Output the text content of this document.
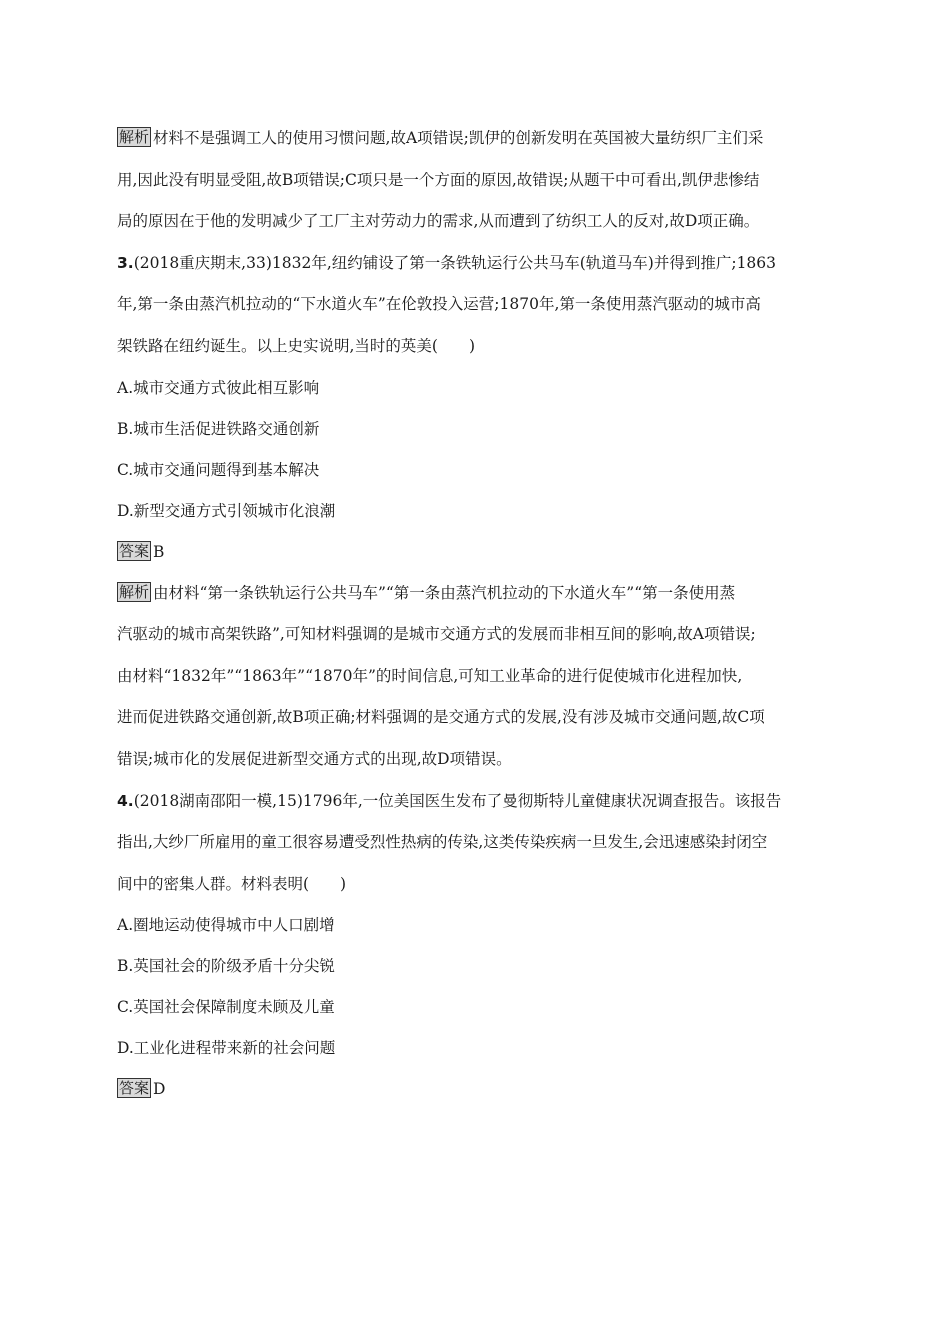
解析 材料不是强调工人的使用习惯问题,故A项错误;凯伊的创新发明在英国被大量纺织厂主们采

用,因此没有明显受阻,故B项错误;C项只是一个方面的原因,故错误;从题干中可看出,凯伊悲惨结

局的原因在于他的发明减少了工厂主对劳动力的需求,从而遭到了纺织工人的反对,故D项正确。

3.(2018重庆期末,33)1832年,纽约铺设了第一条铁轨运行公共马车(轨道马车)并得到推广;1863

年,第一条由蒸汽机拉动的“下水道火车”在伦敦投入运营;1870年,第一条使用蒸汽驱动的城市高

架铁路在纽约诞生。以上史实说明,当时的英美(　　)

A.城市交通方式彼此相互影响

B.城市生活促进铁路交通创新

C.城市交通问题得到基本解决

D.新型交通方式引领城市化浪潮

答案 B

解析 由材料“第一条铁轨运行公共马车”“第一条由蒸汽机拉动的下水道火车”“第一条使用蒸

汽驱动的城市高架铁路”,可知材料强调的是城市交通方式的发展而非相互间的影响,故A项错误;

由材料“1832年”“1863年”“1870年”的时间信息,可知工业革命的进行促使城市化进程加快,

进而促进铁路交通创新,故B项正确;材料强调的是交通方式的发展,没有涉及城市交通问题,故C项

错误;城市化的发展促进新型交通方式的出现,故D项错误。

4.(2018湖南邵阳一模,15)1796年,一位美国医生发布了曼彻斯特儿童健康状况调查报告。该报告

指出,大纱厂所雇用的童工很容易遭受烈性热病的传染,这类传染疾病一旦发生,会迅速感染封闭空

间中的密集人群。材料表明(　　)

A.圈地运动使得城市中人口剧增

B.英国社会的阶级矛盾十分尖锐

C.英国社会保障制度未顾及儿童

D.工业化进程带来新的社会问题

答案 D
